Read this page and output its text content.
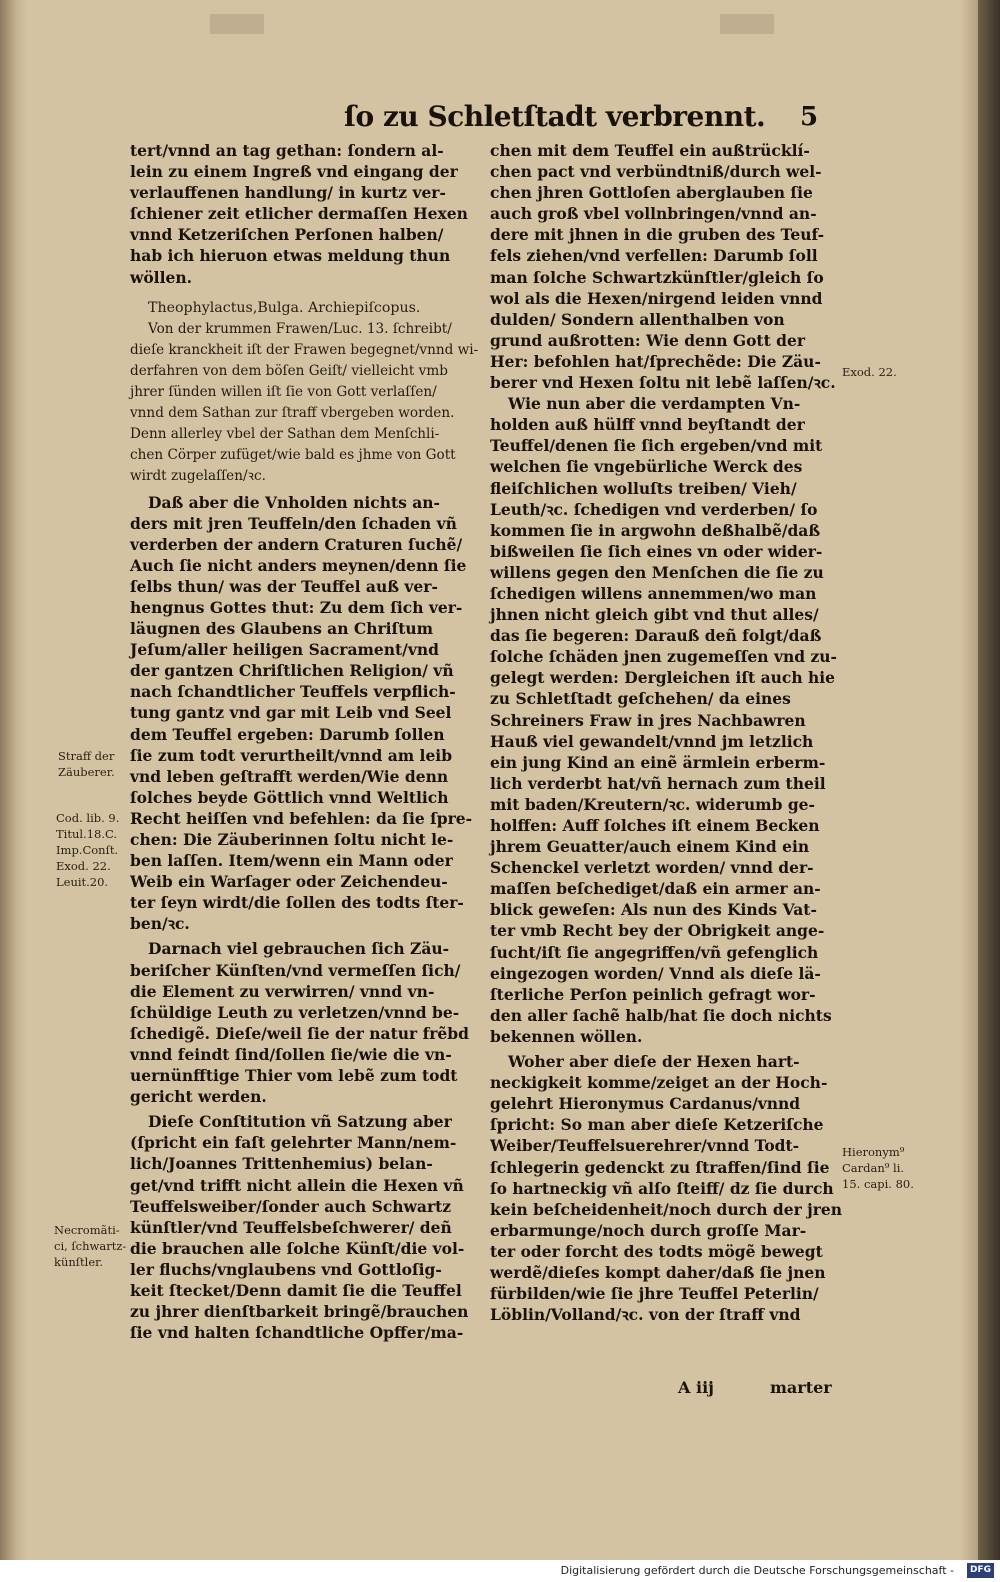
ſo zu Schletſtadt verbrennt. 5
tert/vnnd an tag gethan: ſondern al-
lein zu einem Ingreß vnd eingang der
verlauffenen handlung/ in kurtz ver-
ſchiener zeit etlicher dermaſſen Hexen
vnnd Ketzeriſchen Perſonen halben/
hab ich hieruon etwas meldung thun
wöllen.
Theophylactus,Bulga. Archiepiſcopus.
Von der krummen Frawen/Luc. 13. ſchreibt/
dieſe kranckheit iſt der Frawen begegnet/vnnd wi-
derfahren von dem böſen Geiſt/ vielleicht vmb
jhrer ſünden willen iſt ſie von Gott verlaſſen/
vnnd dem Sathan zur ſtraff vbergeben worden.
Denn allerley vbel der Sathan dem Menſchli-
chen Cörper zufüget/wie bald es jhme von Gott
wirdt zugelaſſen/ꝛc.
Daß aber die Vnholden nichts an-
ders mit jren Teuffeln/den ſchaden vñ
verderben der andern Craturen ſuchẽ/
Auch ſie nicht anders meynen/denn ſie
ſelbs thun/ was der Teuffel auß ver-
hengnus Gottes thut: Zu dem ſich ver-
läugnen des Glaubens an Chriſtum
Jeſum/aller heiligen Sacrament/vnd
der gantzen Chriſtlichen Religion/ vñ
nach ſchandtlicher Teuffels verpflich-
tung gantz vnd gar mit Leib vnd Seel
dem Teuffel ergeben: Darumb ſollen
ſie zum todt verurtheilt/vnnd am leib
vnd leben geſtrafft werden/Wie denn
ſolches beyde Göttlich vnnd Weltlich
Recht heiſſen vnd befehlen: da ſie ſpre-
chen: Die Zäuberinnen ſoltu nicht le-
ben laſſen. Item/wenn ein Mann oder
Weib ein Warſager oder Zeichendeu-
ter ſeyn wirdt/die ſollen des todts ſter-
ben/ꝛc.
Darnach viel gebrauchen ſich Zäu-
beriſcher Künſten/vnd vermeſſen ſich/
die Element zu verwirren/ vnnd vn-
ſchüldige Leuth zu verletzen/vnnd be-
ſchedigẽ. Dieſe/weil ſie der natur frẽbd
vnnd feindt ſind/ſollen ſie/wie die vn-
uernünfftige Thier vom lebẽ zum todt
gericht werden.
Dieſe Conſtitution vñ Satzung aber
(ſpricht ein faſt gelehrter Mann/nem-
lich/Joannes Trittenhemius) belan-
get/vnd trifft nicht allein die Hexen vñ
Teuffelsweiber/ſonder auch Schwartz
künſtler/vnd Teuffelsbeſchwerer/ deñ
die brauchen alle ſolche Künſt/die vol-
ler fluchs/vnglaubens vnd Gottloſig-
keit ſtecket/Denn damit ſie die Teuffel
zu jhrer dienſtbarkeit bringẽ/brauchen
ſie vnd halten ſchandtliche Opffer/ma-
chen mit dem Teuffel ein außtrücklí-
chen pact vnd verbündtniß/durch wel-
chen jhren Gottloſen aberglauben ſie
auch groß vbel vollnbringen/vnnd an-
dere mit jhnen in die gruben des Teuf-
fels ziehen/vnd verfellen: Darumb ſoll
man ſolche Schwartzkünſtler/gleich ſo
wol als die Hexen/nirgend leiden vnnd
dulden/ Sondern allenthalben von
grund außrotten: Wie denn Gott der
Her: befohlen hat/ſprechẽde: Die Zäu-
berer vnd Hexen ſoltu nit lebẽ laſſen/ꝛc.
Wie nun aber die verdampten Vn-
holden auß hülff vnnd beyſtandt der
Teuffel/denen ſie ſich ergeben/vnd mit
welchen ſie vngebürliche Werck des
fleiſchlichen wolluſts treiben/ Vieh/
Leuth/ꝛc. ſchedigen vnd verderben/ ſo
kommen ſie in argwohn deßhalbẽ/daß
bißweilen ſie ſich eines vn oder wider-
willens gegen den Menſchen die ſie zu
ſchedigen willens annemmen/wo man
jhnen nicht gleich gibt vnd thut alles/
das ſie begeren: Darauß deñ folgt/daß
ſolche ſchäden jnen zugemeſſen vnd zu-
gelegt werden: Dergleichen iſt auch hie
zu Schletſtadt geſchehen/ da eines
Schreiners Fraw in jres Nachbawren
Hauß viel gewandelt/vnnd jm letzlich
ein jung Kind an einẽ ärmlein erberm-
lich verderbt hat/vñ hernach zum theil
mit baden/Kreutern/ꝛc. widerumb ge-
holffen: Auff ſolches iſt einem Becken
jhrem Geuatter/auch einem Kind ein
Schenckel verletzt worden/ vnnd der-
maſſen beſchediget/daß ein armer an-
blick geweſen: Als nun des Kinds Vat-
ter vmb Recht bey der Obrigkeit ange-
ſucht/iſt ſie angegriffen/vñ gefenglich
eingezogen worden/ Vnnd als dieſe lä-
ſterliche Perſon peinlich gefragt wor-
den aller ſachẽ halb/hat ſie doch nichts
bekennen wöllen.
Woher aber dieſe der Hexen hart-
neckigkeit komme/zeiget an der Hoch-
gelehrt Hieronymus Cardanus/vnnd
ſpricht: So man aber dieſe Ketzeriſche
Weiber/Teuffelsuerehrer/vnnd Todt-
ſchlegerin gedenckt zu ſtraffen/ſind ſie
ſo hartneckig vñ alſo ſteiff/ dz ſie durch
kein beſcheidenheit/noch durch der jren
erbarmunge/noch durch groſſe Mar-
ter oder forcht des todts mögẽ bewegt
werdẽ/dieſes kompt daher/daß ſie jnen
fürbilden/wie ſie jhre Teuffel Peterlin/
Löblin/Volland/ꝛc. von der ſtraff vnd
Exod. 22.
Straff der
Zäuberer.
Cod. lib. 9.
Titul.18.C.
Imp.Conſt.
Exod. 22.
Leuit.20.
Necromãti-
ci, ſchwartz-
künſtler.
Hieronym⁹
Cardan⁹ li.
15. capi. 80.
A iij	marter
Digitalisierung gefördert durch die Deutsche Forschungsgemeinschaft -	DFG
